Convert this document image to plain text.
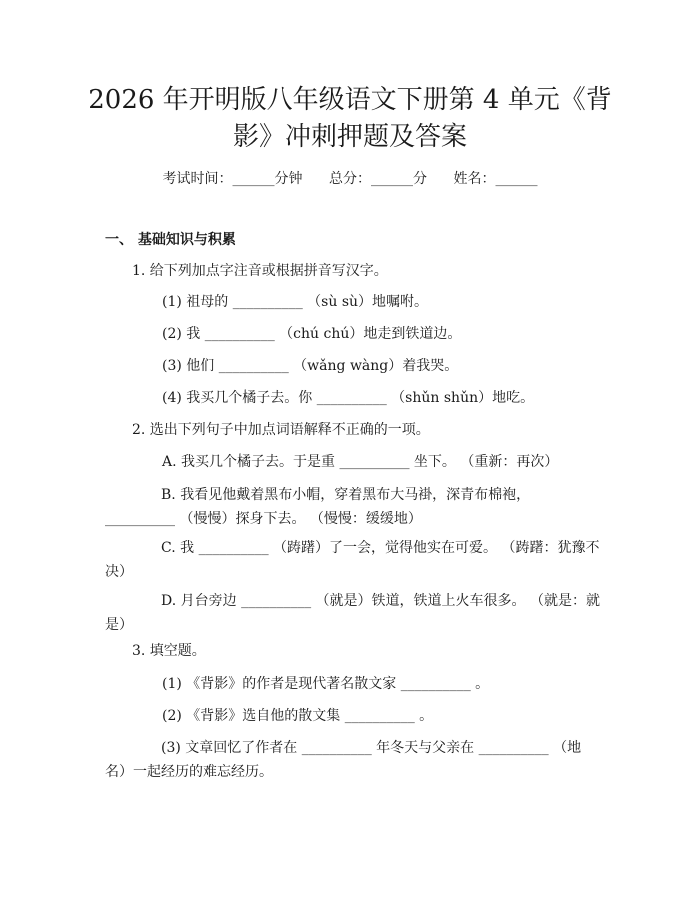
2026 年开明版八年级语文下册第 4 单元《背
影》冲刺押题及答案
考试时间：______分钟 总分：______分 姓名：______
一、 基础知识与积累
1. 给下列加点字注音或根据拼音写汉字。
(1) 祖母的 __________ （sù sù）地嘱咐。
(2) 我 __________ （chú chú）地走到铁道边。
(3) 他们 __________ （wǎng wàng）着我哭。
(4) 我买几个橘子去。你 __________ （shǔn shǔn）地吃。
2. 选出下列句子中加点词语解释不正确的一项。
A. 我买几个橘子去。于是重 __________ 坐下。 （重新：再次）
B. 我看见他戴着黑布小帽，穿着黑布大马褂，深青布棉袍， __________ （慢慢）探身下去。 （慢慢：缓缓地）
C. 我 __________ （踌躇）了一会，觉得他实在可爱。 （踌躇：犹豫不决）
D. 月台旁边 __________ （就是）铁道，铁道上火车很多。 （就是：就是）
3. 填空题。
(1) 《背影》的作者是现代著名散文家 __________ 。
(2) 《背影》选自他的散文集 __________ 。
(3) 文章回忆了作者在 __________ 年冬天与父亲在 __________ （地名）一起经历的难忘经历。
